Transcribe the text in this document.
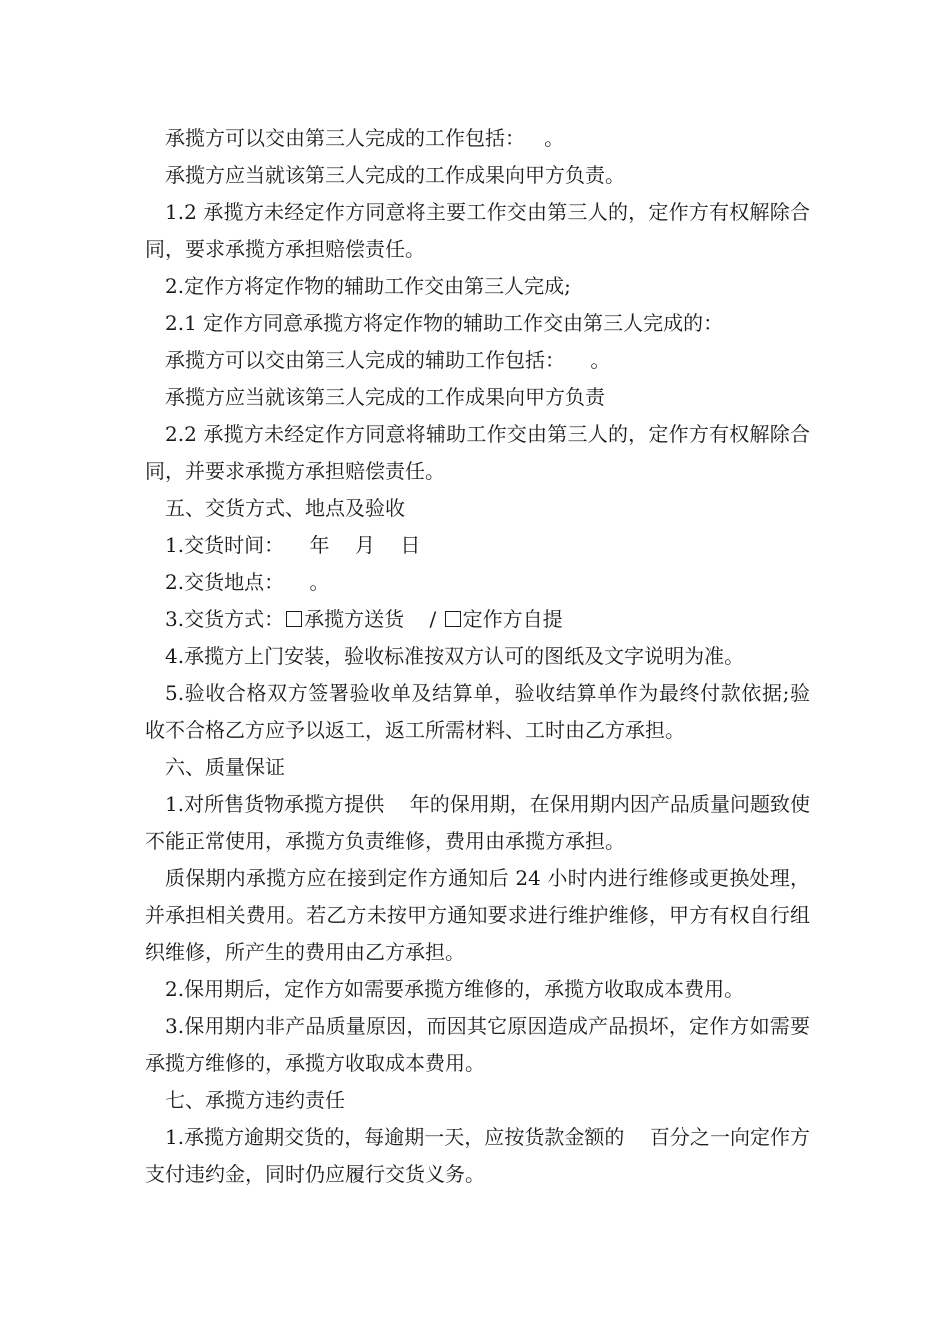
承揽方可以交由第三人完成的工作包括：   。

承揽方应当就该第三人完成的工作成果向甲方负责。

1.2 承揽方未经定作方同意将主要工作交由第三人的，定作方有权解除合同，要求承揽方承担赔偿责任。

2.定作方将定作物的辅助工作交由第三人完成;

2.1 定作方同意承揽方将定作物的辅助工作交由第三人完成的：

承揽方可以交由第三人完成的辅助工作包括：    。

承揽方应当就该第三人完成的工作成果向甲方负责

2.2 承揽方未经定作方同意将辅助工作交由第三人的，定作方有权解除合同，并要求承揽方承担赔偿责任。

五、交货方式、地点及验收

1.交货时间：    年    月    日

2.交货地点：    。

3.交货方式： 承揽方送货    / 定作方自提

4.承揽方上门安装，验收标准按双方认可的图纸及文字说明为准。

5.验收合格双方签署验收单及结算单，验收结算单作为最终付款依据;验收不合格乙方应予以返工，返工所需材料、工时由乙方承担。

六、质量保证

1.对所售货物承揽方提供    年的保用期，在保用期内因产品质量问题致使不能正常使用，承揽方负责维修，费用由承揽方承担。

质保期内承揽方应在接到定作方通知后 24 小时内进行维修或更换处理，并承担相关费用。若乙方未按甲方通知要求进行维护维修，甲方有权自行组织维修，所产生的费用由乙方承担。

2.保用期后，定作方如需要承揽方维修的，承揽方收取成本费用。

3.保用期内非产品质量原因，而因其它原因造成产品损坏，定作方如需要承揽方维修的，承揽方收取成本费用。

七、承揽方违约责任

1.承揽方逾期交货的，每逾期一天，应按货款金额的    百分之一向定作方支付违约金，同时仍应履行交货义务。
